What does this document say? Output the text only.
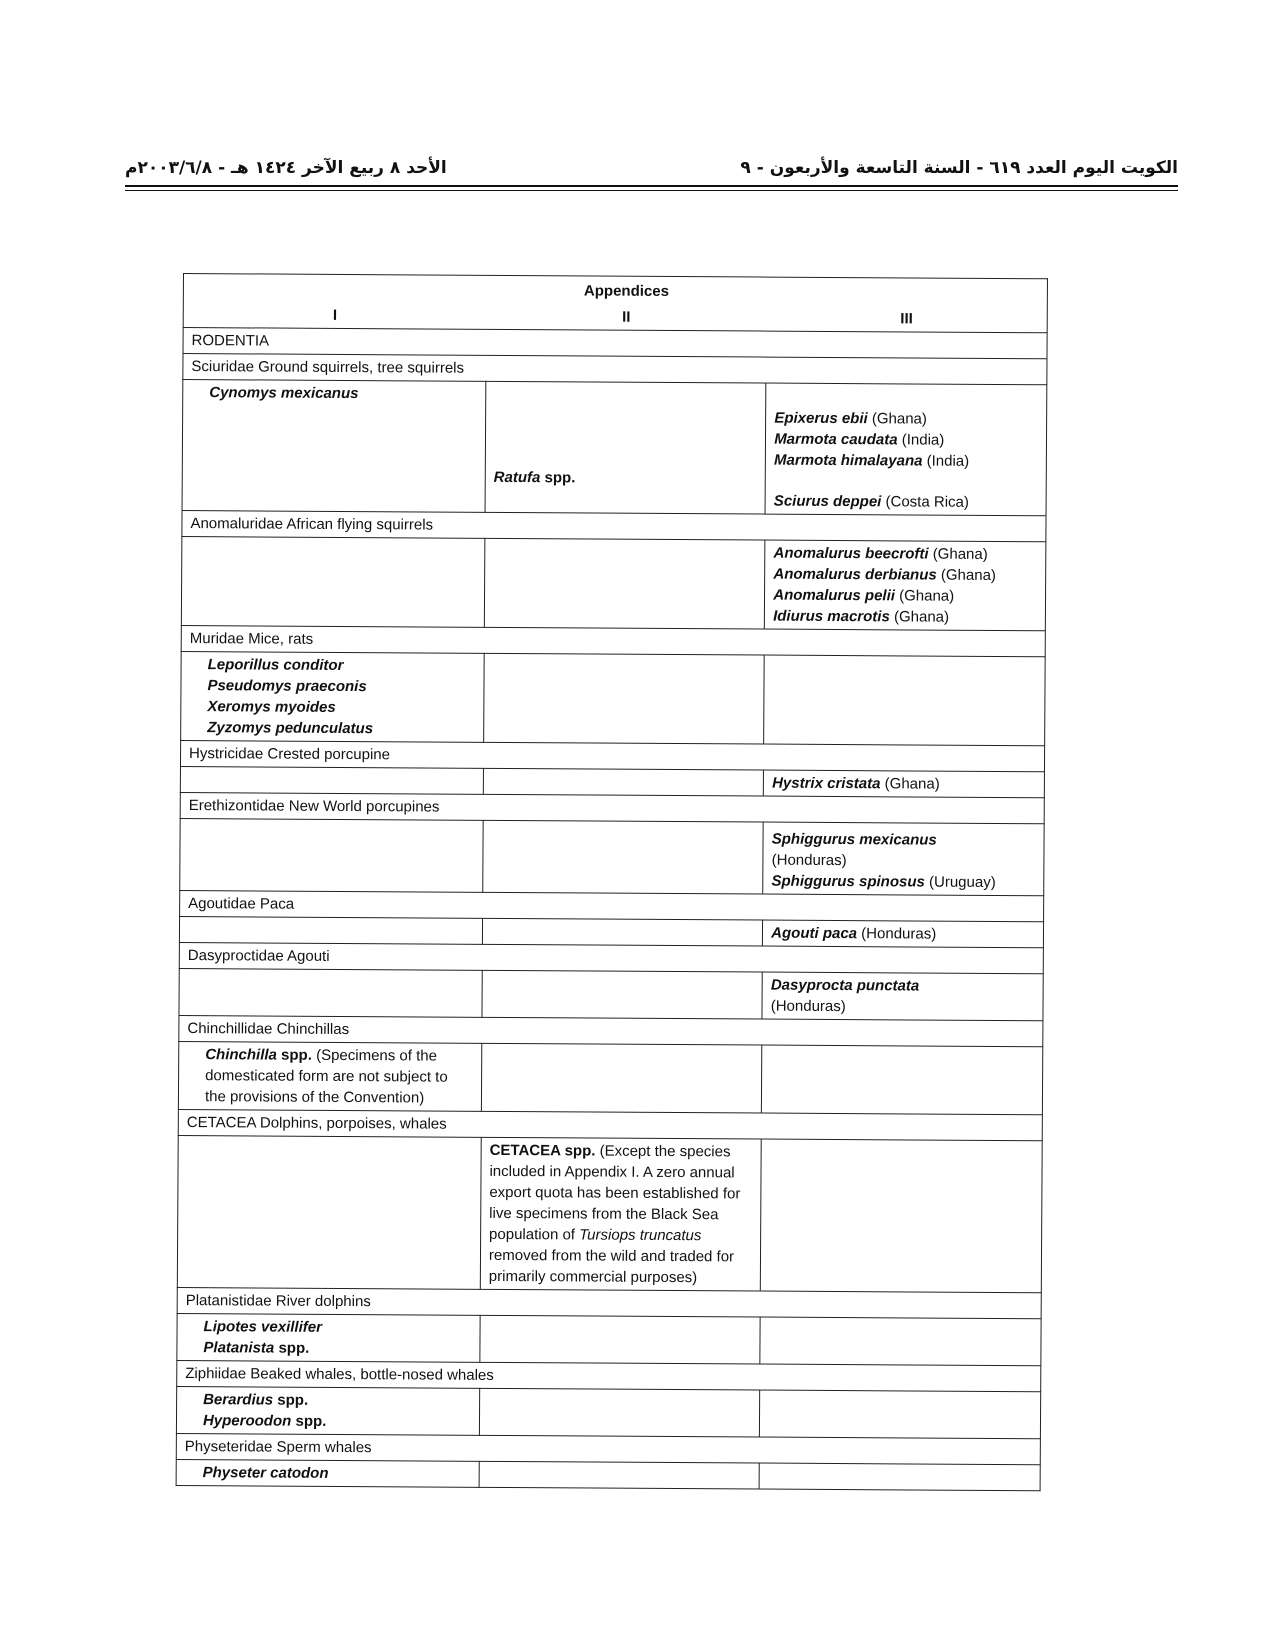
الأحد ٨ ربيع الآخر ١٤٢٤ هـ - ٢٠٠٣/٦/٨م	الكويت اليوم العدد ٦١٩ - السنة التاسعة والأربعون - ٩
	Appendices	
I	II	III
RODENTIA		
Sciuridae Ground squirrels, tree squirrels		

Cynomys mexicanus	Ratufa spp.	Epixerus ebii (Ghana)
Marmota caudata (India)
Marmota himalayana (India)
Sciurus deppei (Costa Rica)

Anomaluridae African flying squirrels		

		Anomalurus beecrofti (Ghana)
Anomalurus derbianus (Ghana)
Anomalurus pelii (Ghana)
Idiurus macrotis (Ghana)

Muridae Mice, rats		

Leporillus conditor
Pseudomys praeconis
Xeromys myoides
Zyzomys pedunculatus		

Hystricidae Crested porcupine		

		Hystrix cristata (Ghana)

Erethizontidae New World porcupines		

		Sphiggurus mexicanus
(Honduras)
Sphiggurus spinosus (Uruguay)

Agoutidae Paca		

		Agouti paca (Honduras)

Dasyproctidae Agouti		

		Dasyprocta punctata
(Honduras)

Chinchillidae Chinchillas		
Chinchilla spp. (Specimens of the domesticated form are not subject to the provisions of the Convention)		
CETACEA Dolphins, porpoises, whales		
	CETACEA spp. (Except the species included in Appendix I. A zero annual export quota has been established for live specimens from the Black Sea population of Tursiops truncatus removed from the wild and traded for primarily commercial purposes)	
Platanistidae River dolphins		

Lipotes vexillifer
Platanista spp.		

Ziphiidae Beaked whales, bottle-nosed whales		

Berardius spp.
Hyperoodon spp.		

Physeteridae Sperm whales		

Physeter catodon		
